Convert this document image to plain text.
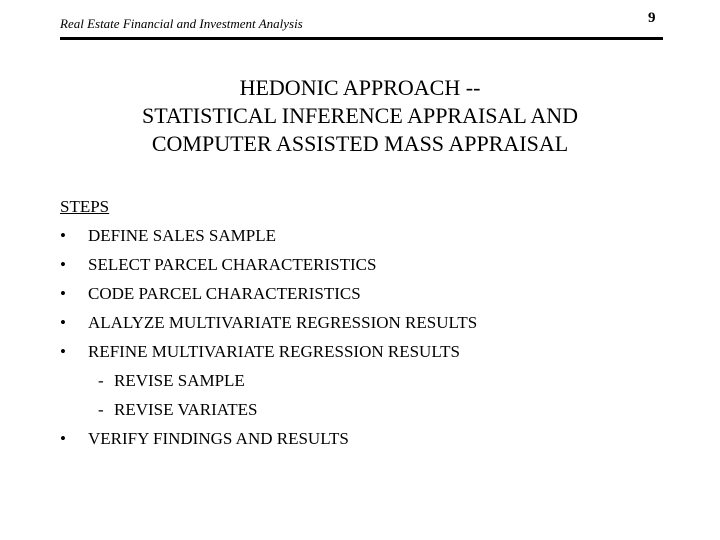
Real Estate Financial and Investment Analysis	9
HEDONIC APPROACH --
STATISTICAL INFERENCE APPRAISAL AND
COMPUTER ASSISTED MASS APPRAISAL
STEPS
• DEFINE SALES SAMPLE
• SELECT PARCEL CHARACTERISTICS
• CODE PARCEL CHARACTERISTICS
• ALALYZE MULTIVARIATE REGRESSION RESULTS
• REFINE MULTIVARIATE REGRESSION RESULTS
- REVISE SAMPLE
- REVISE VARIATES
• VERIFY FINDINGS AND RESULTS
